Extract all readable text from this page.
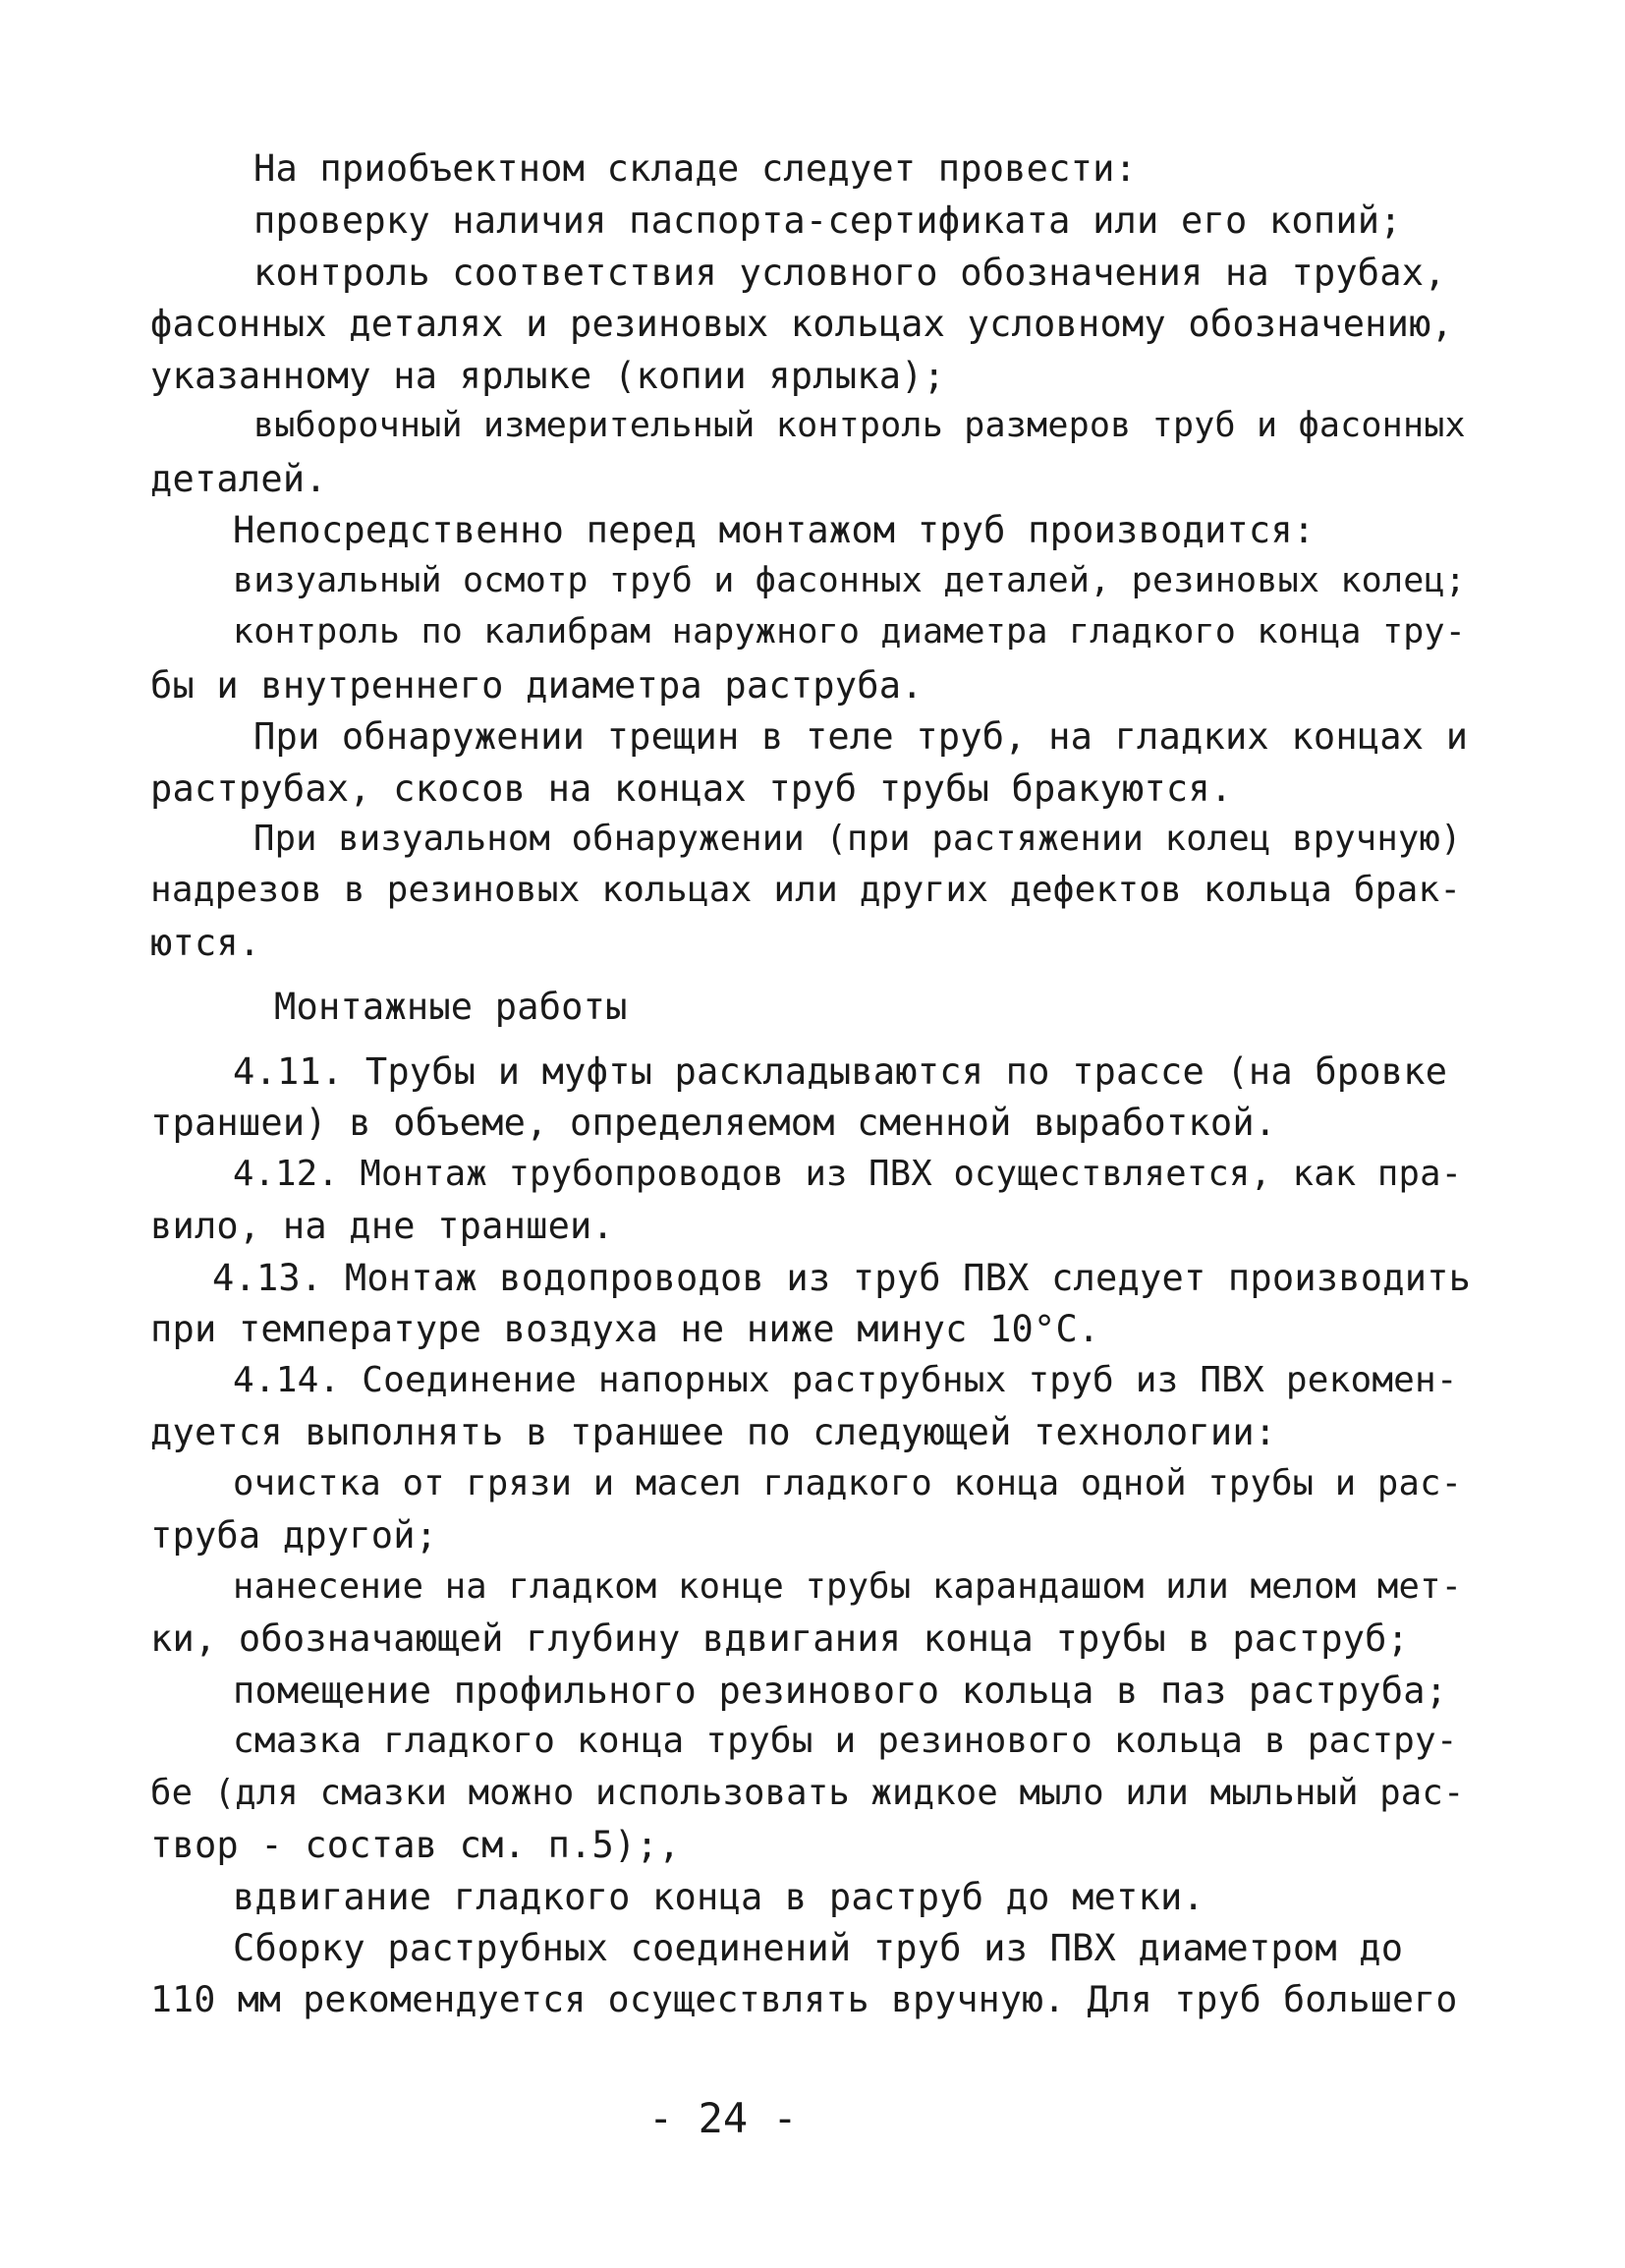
На приобъектном складе следует провести:
проверку наличия паспорта-сертификата или его копий;
контроль соответствия условного обозначения на трубах,
фасонных деталях и резиновых кольцах условному обозначению,
указанному на ярлыке (копии ярлыка);
выборочный измерительный контроль размеров труб и фасонных
деталей.
Непосредственно перед монтажом труб производится:
визуальный осмотр труб и фасонных деталей, резиновых колец;
контроль по калибрам наружного диаметра гладкого конца тру-
бы и внутреннего диаметра раструба.
При обнаружении трещин в теле труб, на гладких концах и
раструбах, скосов на концах труб трубы бракуются.
При визуальном обнаружении (при растяжении колец вручную)
надрезов в резиновых кольцах или других дефектов кольца брак-
ются.
Монтажные работы
4.11. Трубы и муфты раскладываются по трассе (на бровке
траншеи) в объеме, определяемом сменной выработкой.
4.12. Монтаж трубопроводов из ПВХ осуществляется, как пра-
вило, на дне траншеи.
4.13. Монтаж водопроводов из труб ПВХ следует производить
при температуре воздуха не ниже минус 10°С.
4.14. Соединение напорных раструбных труб из ПВХ рекомен-
дуется выполнять в траншее по следующей технологии:
очистка от грязи и масел гладкого конца одной трубы и рас-
труба другой;
нанесение на гладком конце трубы карандашом или мелом мет-
ки, обозначающей глубину вдвигания конца трубы в раструб;
помещение профильного резинового кольца в паз раструба;
смазка гладкого конца трубы и резинового кольца в растру-
бе (для смазки можно использовать жидкое мыло или мыльный рас-
твор - состав см. п.5);,
вдвигание гладкого конца в раструб до метки.
Сборку раструбных соединений труб из ПВХ диаметром до
110 мм рекомендуется осуществлять вручную. Для труб большего
- 24 -
